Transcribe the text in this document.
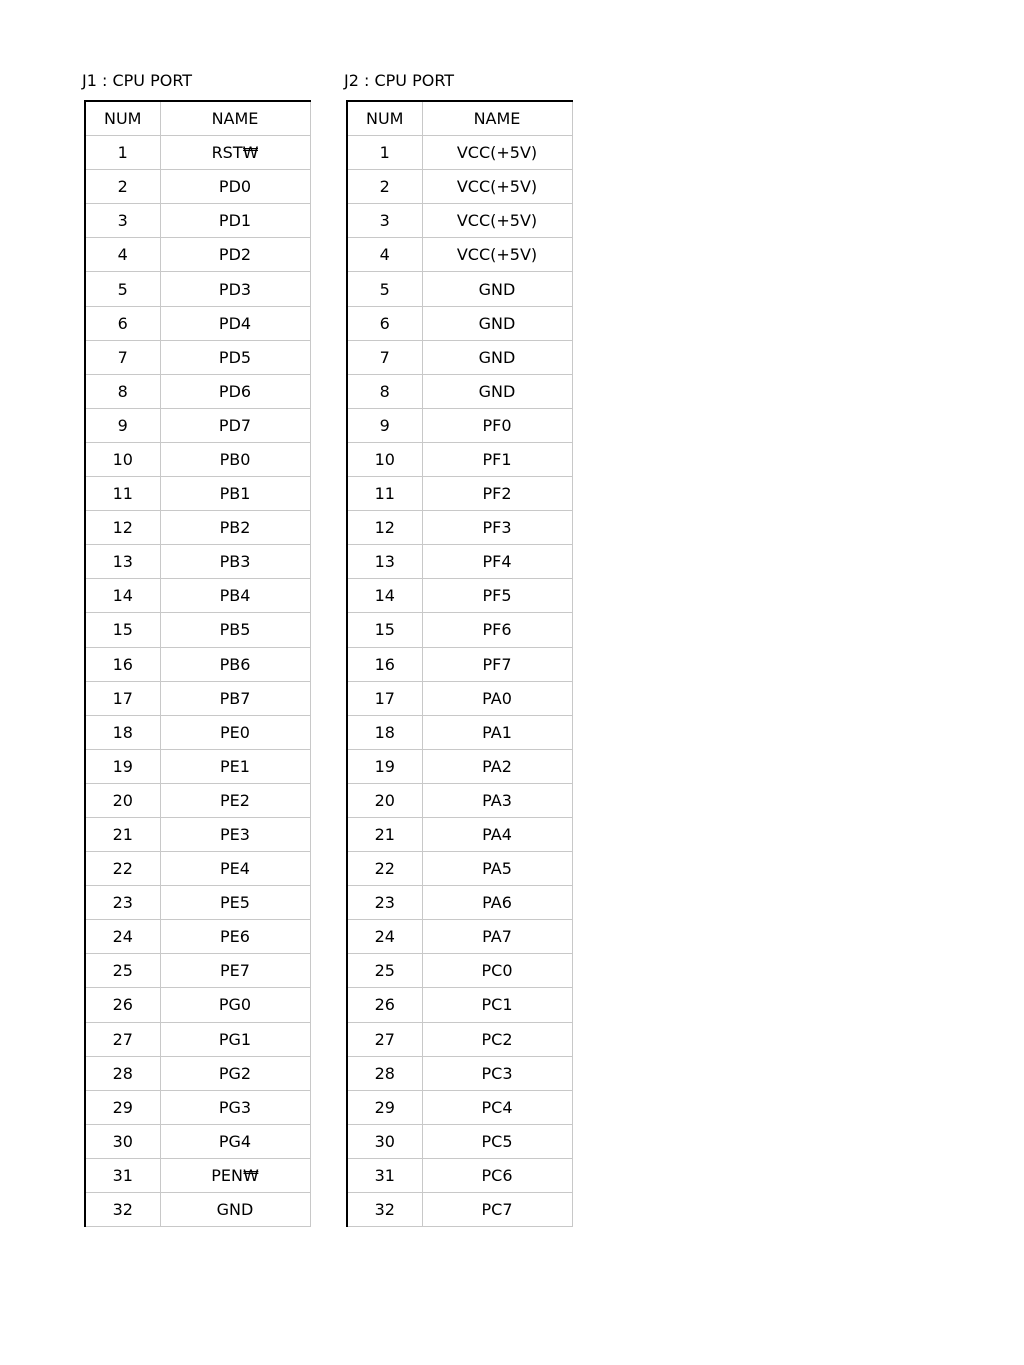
J1 : CPU PORT
NUM	NAME
1	RST₩
2	PD0
3	PD1
4	PD2
5	PD3
6	PD4
7	PD5
8	PD6
9	PD7
10	PB0
11	PB1
12	PB2
13	PB3
14	PB4
15	PB5
16	PB6
17	PB7
18	PE0
19	PE1
20	PE2
21	PE3
22	PE4
23	PE5
24	PE6
25	PE7
26	PG0
27	PG1
28	PG2
29	PG3
30	PG4
31	PEN₩
32	GND
J2 : CPU PORT
NUM	NAME
1	VCC(+5V)
2	VCC(+5V)
3	VCC(+5V)
4	VCC(+5V)
5	GND
6	GND
7	GND
8	GND
9	PF0
10	PF1
11	PF2
12	PF3
13	PF4
14	PF5
15	PF6
16	PF7
17	PA0
18	PA1
19	PA2
20	PA3
21	PA4
22	PA5
23	PA6
24	PA7
25	PC0
26	PC1
27	PC2
28	PC3
29	PC4
30	PC5
31	PC6
32	PC7
